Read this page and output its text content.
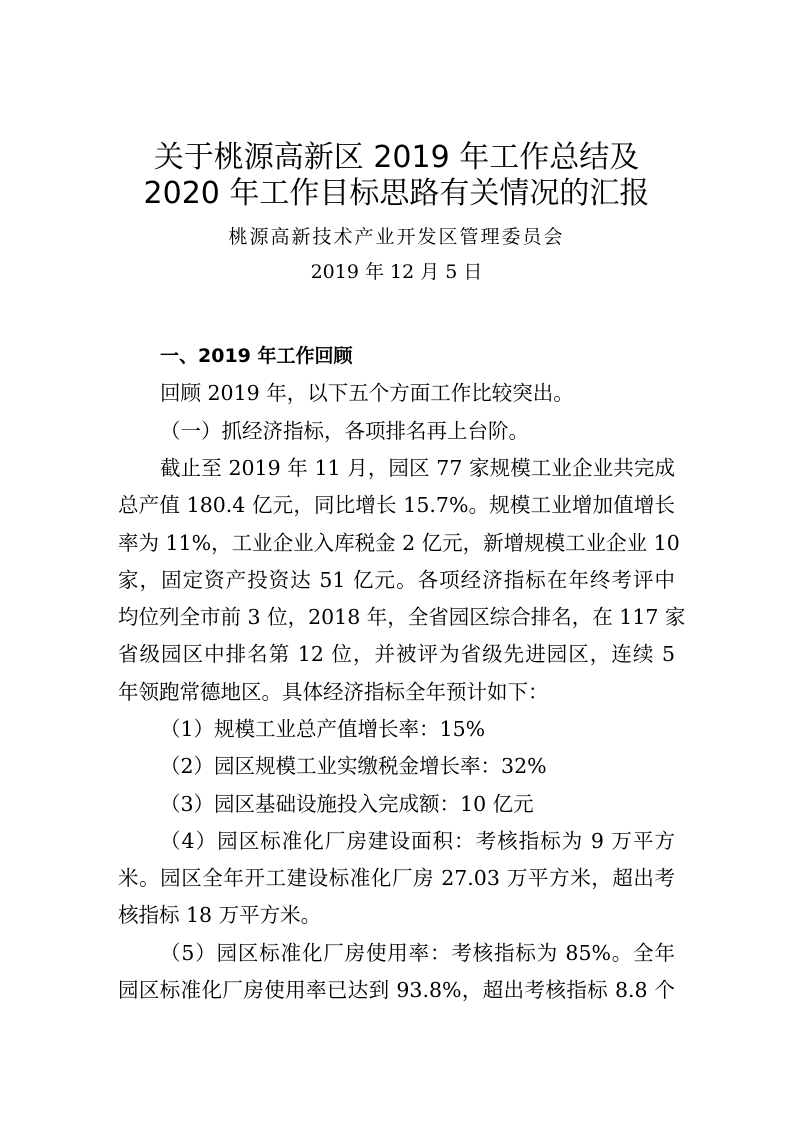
关于桃源高新区 2019 年工作总结及
2020 年工作目标思路有关情况的汇报
桃源高新技术产业开发区管理委员会
2019 年 12 月 5 日
一、2019 年工作回顾
回顾 2019 年，以下五个方面工作比较突出。
（一）抓经济指标，各项排名再上台阶。
截止至 2019 年 11 月，园区 77 家规模工业企业共完成
总产值 180.4 亿元，同比增长 15.7%。规模工业增加值增长
率为 11%，工业企业入库税金 2 亿元，新增规模工业企业 10
家，固定资产投资达 51 亿元。各项经济指标在年终考评中
均位列全市前 3 位，2018 年，全省园区综合排名，在 117 家
省级园区中排名第 12 位，并被评为省级先进园区，连续 5
年领跑常德地区。具体经济指标全年预计如下：
（1）规模工业总产值增长率：15%
（2）园区规模工业实缴税金增长率：32%
（3）园区基础设施投入完成额：10 亿元
（4）园区标准化厂房建设面积：考核指标为 9 万平方
米。园区全年开工建设标准化厂房 27.03 万平方米，超出考
核指标 18 万平方米。
（5）园区标准化厂房使用率：考核指标为 85%。全年
园区标准化厂房使用率已达到 93.8%，超出考核指标 8.8 个
